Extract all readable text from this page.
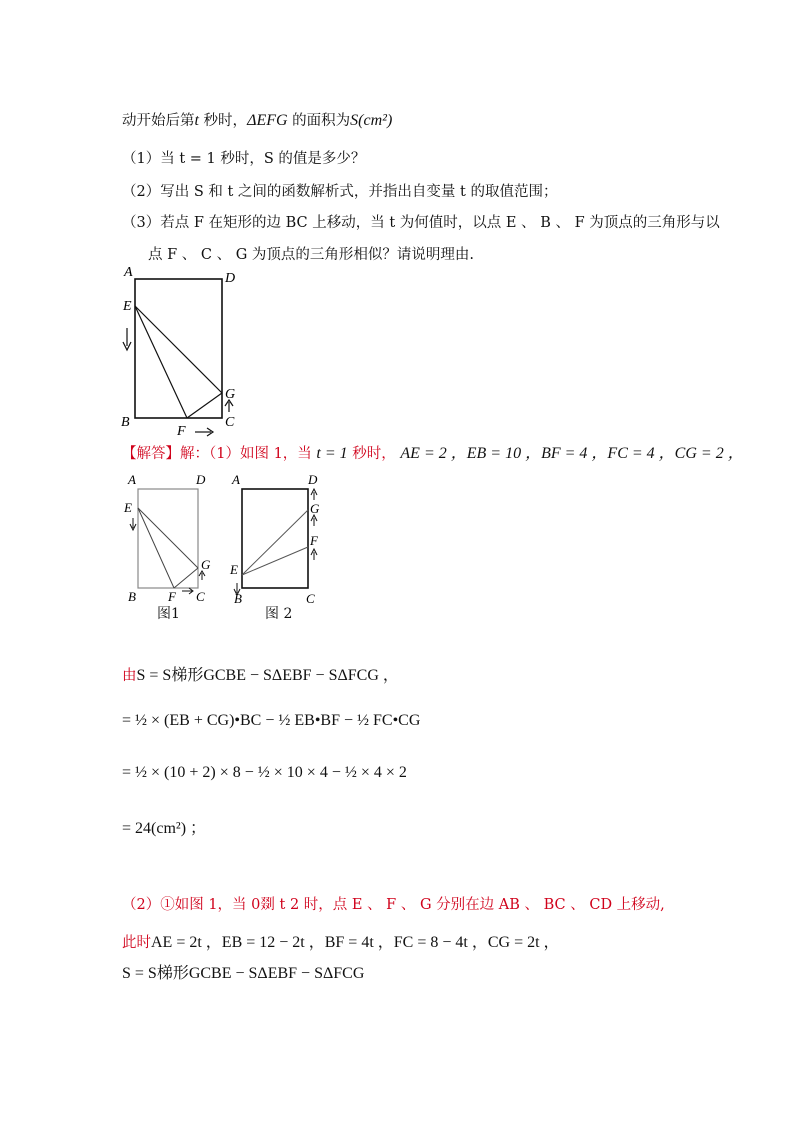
动开始后第t 秒时，ΔEFG 的面积为S(cm²)
（1）当 t = 1 秒时，S 的值是多少？
（2）写出 S 和 t 之间的函数解析式，并指出自变量 t 的取值范围；
（3）若点 F 在矩形的边 BC 上移动，当 t 为何值时，以点 E 、 B 、 F 为顶点的三角形与以
点 F 、 C 、 G 为顶点的三角形相似？请说明理由.
A	D
E
G
B
F
C
【解答】解：（1）如图 1，当 t = 1 秒时， AE = 2 ，EB = 10 ，BF = 4 ，FC = 4 ，CG = 2 ，
A	D
E
G
B F C
图1
A	D
G
F
E
B	C
图 2
由S = S梯形GCBE − SΔEBF − SΔFCG ，
= ½ × (EB + CG)•BC − ½ EB•BF − ½ FC•CG
= ½ × (10 + 2) × 8 − ½ × 10 × 4 − ½ × 4 × 2
= 24(cm²) ；
（2）①如图 1，当 0剟 t 2 时，点 E 、 F 、 G 分别在边 AB 、 BC 、 CD 上移动,
此时AE = 2t ，EB = 12 − 2t ，BF = 4t ，FC = 8 − 4t ，CG = 2t ，
S = S梯形GCBE − SΔEBF − SΔFCG
